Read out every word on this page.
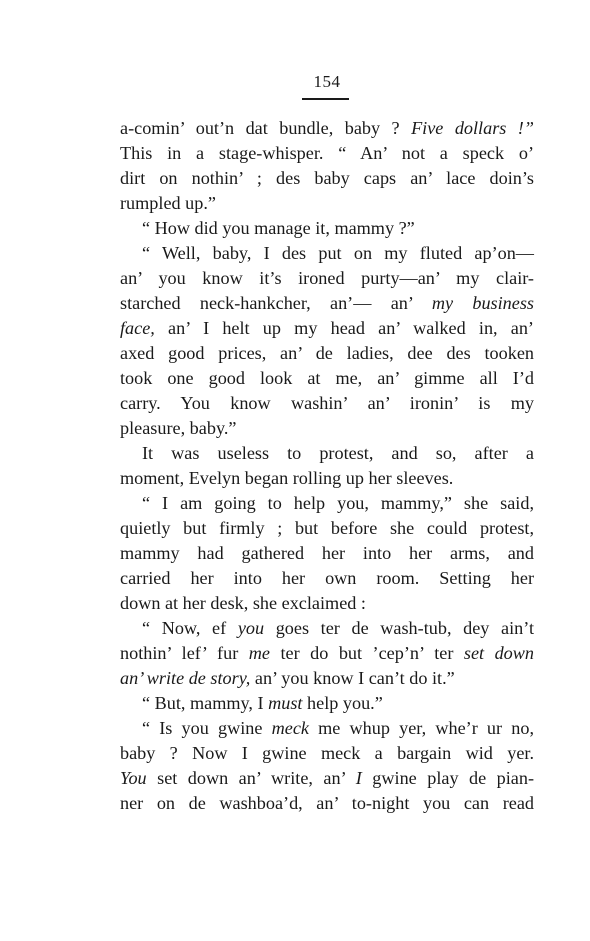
154
a-comin’ out’n dat bundle, baby ? Five dollars !”
This in a stage-whisper. “ An’ not a speck o’
dirt on nothin’ ; des baby caps an’ lace doin’s
rumpled up.”
“ How did you manage it, mammy ?”
“ Well, baby, I des put on my fluted ap’on—
an’ you know it’s ironed purty—an’ my clair-
starched neck-hankcher, an’— an’ my business
face, an’ I helt up my head an’ walked in, an’
axed good prices, an’ de ladies, dee des tooken
took one good look at me, an’ gimme all I’d
carry. You know washin’ an’ ironin’ is my
pleasure, baby.”
It was useless to protest, and so, after a
moment, Evelyn began rolling up her sleeves.
“ I am going to help you, mammy,” she said,
quietly but firmly ; but before she could protest,
mammy had gathered her into her arms, and
carried her into her own room. Setting her
down at her desk, she exclaimed :
“ Now, ef you goes ter de wash-tub, dey ain’t
nothin’ lef’ fur me ter do but ’cep’n’ ter set down
an’ write de story, an’ you know I can’t do it.”
“ But, mammy, I must help you.”
“ Is you gwine meck me whup yer, whe’r ur no,
baby ? Now I gwine meck a bargain wid yer.
You set down an’ write, an’ I gwine play de pian-
ner on de washboa’d, an’ to-night you can read
